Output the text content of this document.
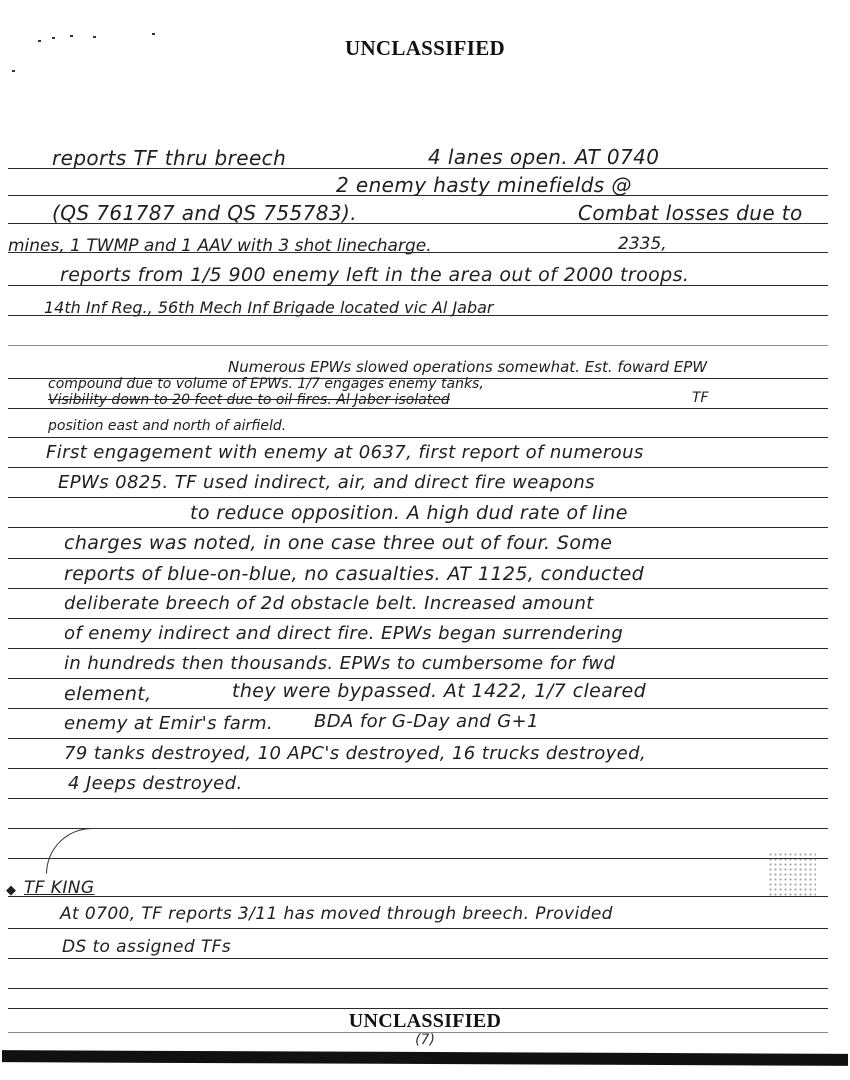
UNCLASSIFIED
reports TF thru breech	4 lanes open. AT 0740
2 enemy hasty minefields @
(QS 761787 and QS 755783).	Combat losses due to
mines, 1 TWMP and 1 AAV with 3 shot linecharge.	2335,
reports from 1/5 900 enemy left in the area out of 2000 troops.
14th Inf Reg., 56th Mech Inf Brigade located vic Al Jabar
Numerous EPWs slowed operations somewhat. Est. foward EPW
compound due to volume of EPWs. 1/7 engages enemy tanks,
Visibility down to 20 feet due to oil fires. Al Jaber isolated	TF
position east and north of airfield.
First engagement with enemy at 0637, first report of numerous
EPWs 0825. TF used indirect, air, and direct fire weapons
to reduce opposition. A high dud rate of line
charges was noted, in one case three out of four. Some
reports of blue-on-blue, no casualties. AT 1125, conducted
deliberate breech of 2d obstacle belt. Increased amount
of enemy indirect and direct fire. EPWs began surrendering
in hundreds then thousands. EPWs to cumbersome for fwd
element,	they were bypassed. At 1422, 1/7 cleared
enemy at Emir's farm. BDA for G-Day and G+1
79 tanks destroyed, 10 APC's destroyed, 16 trucks destroyed,
4 Jeeps destroyed.
◆ TF KING
At 0700, TF reports 3/11 has moved through breech. Provided
DS to assigned TFs
UNCLASSIFIED
(7)
